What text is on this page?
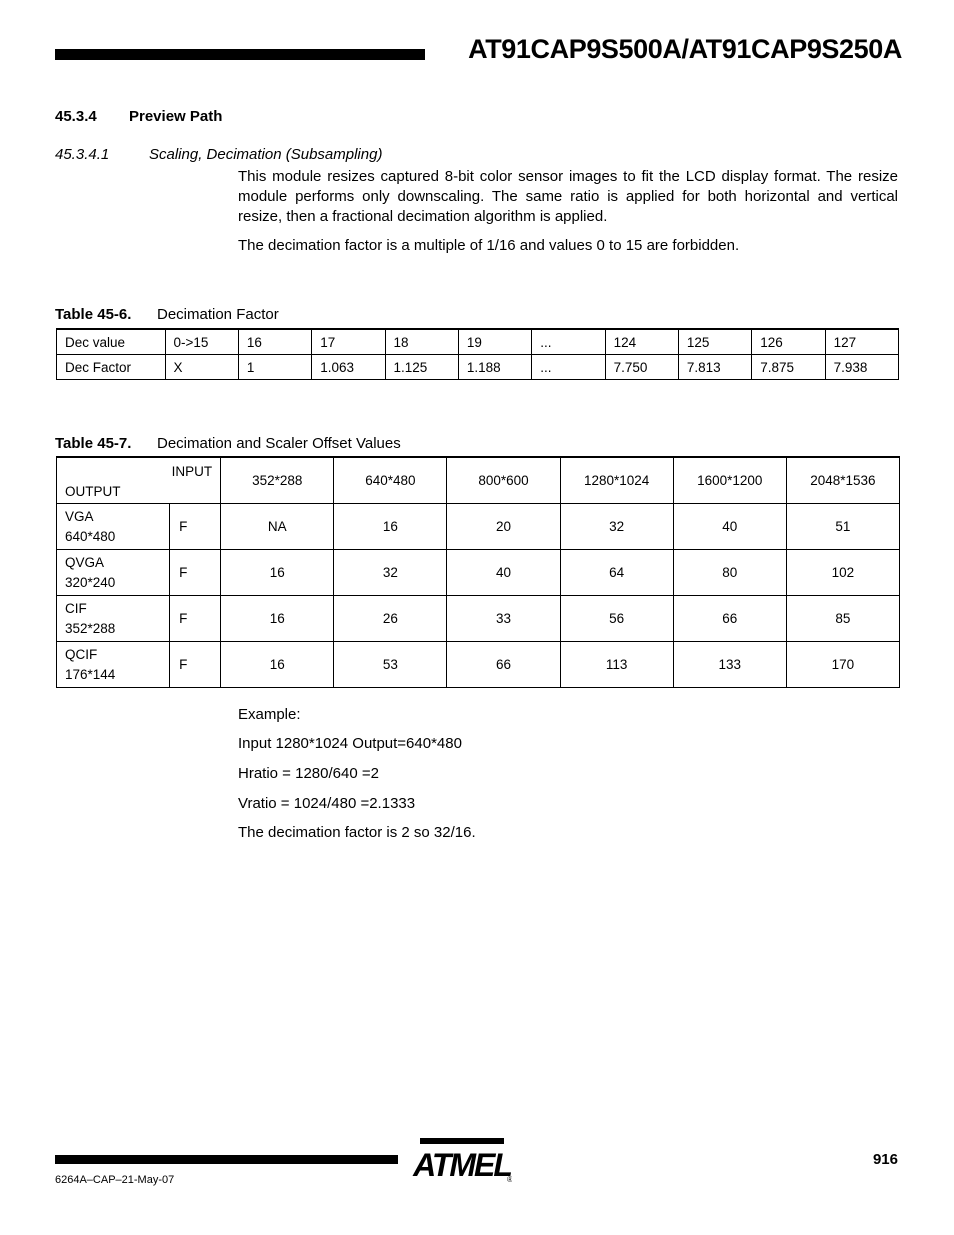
AT91CAP9S500A/AT91CAP9S250A
45.3.4 Preview Path
45.3.4.1	Scaling, Decimation (Subsampling)
This module resizes captured 8-bit color sensor images to fit the LCD display format. The resize module performs only downscaling. The same ratio is applied for both horizontal and vertical resize, then a fractional decimation algorithm is applied.
The decimation factor is a multiple of 1/16 and values 0 to 15 are forbidden.
Table 45-6. Decimation Factor
Dec value	0->15	16	17	18	19	...	124	125	126	127
Dec Factor	X	1	1.063	1.125	1.188	...	7.750	7.813	7.875	7.938
Table 45-7. Decimation and Scaler Offset Values
INPUT
OUTPUT		352*288	640*480	800*600	1280*1024	1600*1200	2048*1536

VGA
640*480	F	NA	16	20	32	40	51

QVGA
320*240	F	16	32	40	64	80	102

CIF
352*288	F	16	26	33	56	66	85

QCIF
176*144	F	16	53	66	113	133	170
Example:
Input 1280*1024 Output=640*480
Hratio = 1280/640 =2
Vratio = 1024/480 =2.1333
The decimation factor is 2 so 32/16.
6264A–CAP–21-May-07
916
ATMEL
®
